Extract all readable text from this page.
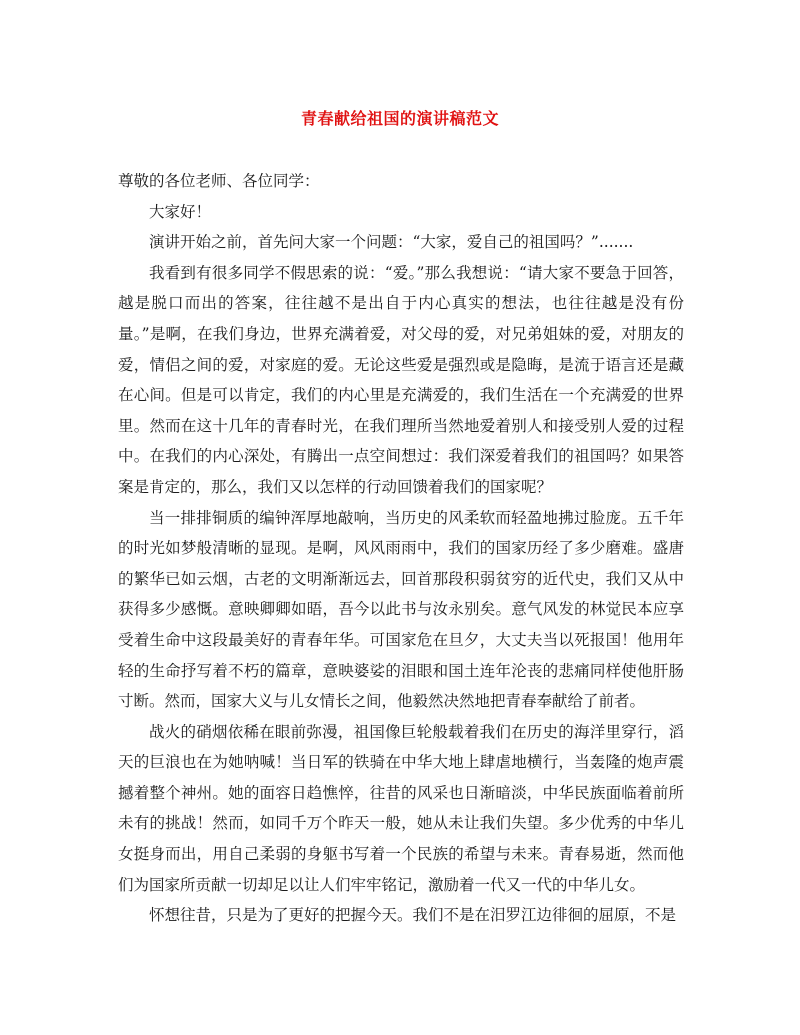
青春献给祖国的演讲稿范文

尊敬的各位老师、各位同学：

大家好！

演讲开始之前，首先问大家一个问题：“大家，爱自己的祖国吗？”.......

我看到有很多同学不假思索的说：“爱。”那么我想说：“请大家不要急于回答，越是脱口而出的答案，往往越不是出自于内心真实的想法，也往往越是没有份量。”是啊，在我们身边，世界充满着爱，对父母的爱，对兄弟姐妹的爱，对朋友的爱，情侣之间的爱，对家庭的爱。无论这些爱是强烈或是隐晦，是流于语言还是藏在心间。但是可以肯定，我们的内心里是充满爱的，我们生活在一个充满爱的世界里。然而在这十几年的青春时光，在我们理所当然地爱着别人和接受别人爱的过程中。在我们的内心深处，有腾出一点空间想过：我们深爱着我们的祖国吗？如果答案是肯定的，那么，我们又以怎样的行动回馈着我们的国家呢？

当一排排铜质的编钟浑厚地敲响，当历史的风柔软而轻盈地拂过脸庞。五千年的时光如梦般清晰的显现。是啊，风风雨雨中，我们的国家历经了多少磨难。盛唐的繁华已如云烟，古老的文明渐渐远去，回首那段积弱贫穷的近代史，我们又从中获得多少感慨。意映卿卿如晤，吾今以此书与汝永别矣。意气风发的林觉民本应享受着生命中这段最美好的青春年华。可国家危在旦夕，大丈夫当以死报国！他用年轻的生命抒写着不朽的篇章，意映婆娑的泪眼和国土连年沦丧的悲痛同样使他肝肠寸断。然而，国家大义与儿女情长之间，他毅然决然地把青春奉献给了前者。

战火的硝烟依稀在眼前弥漫，祖国像巨轮般载着我们在历史的海洋里穿行，滔天的巨浪也在为她呐喊！当日军的铁骑在中华大地上肆虐地横行，当轰隆的炮声震撼着整个神州。她的面容日趋憔悴，往昔的风采也日渐暗淡，中华民族面临着前所未有的挑战！然而，如同千万个昨天一般，她从未让我们失望。多少优秀的中华儿女挺身而出，用自己柔弱的身躯书写着一个民族的希望与未来。青春易逝，然而他们为国家所贡献一切却足以让人们牢牢铭记，激励着一代又一代的中华儿女。

怀想往昔，只是为了更好的把握今天。我们不是在汨罗江边徘徊的屈原，不是
